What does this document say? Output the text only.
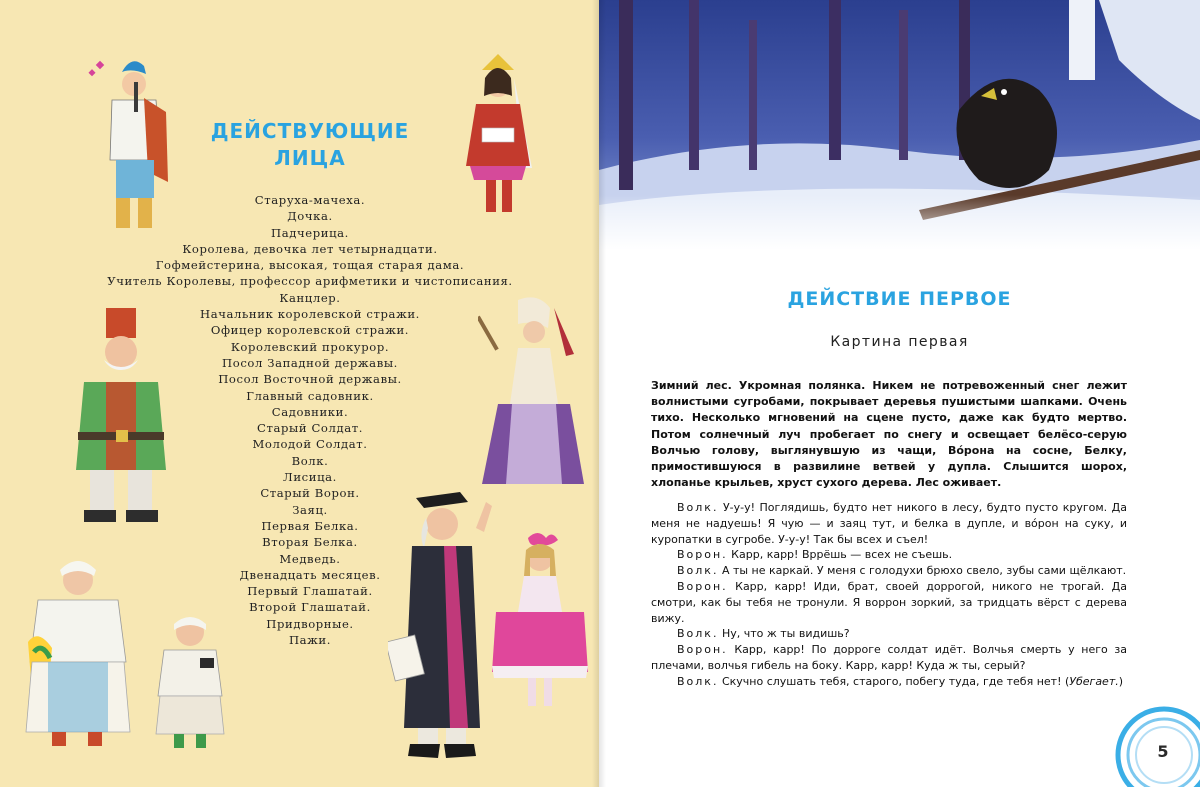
ДЕЙСТВУЮЩИЕ ЛИЦА
Старуха-мачеха.
Дочка.
Падчерица.
Королева, девочка лет четырнадцати.
Гофмейстерина, высокая, тощая старая дама.
Учитель Королевы, профессор арифметики и чистописания.
Канцлер.
Начальник королевской стражи.
Офицер королевской стражи.
Королевский прокурор.
Посол Западной державы.
Посол Восточной державы.
Главный садовник.
Садовники.
Старый Солдат.
Молодой Солдат.
Волк.
Лисица.
Старый Ворон.
Заяц.
Первая Белка.
Вторая Белка.
Медведь.
Двенадцать месяцев.
Первый Глашатай.
Второй Глашатай.
Придворные.
Пажи.
ДЕЙСТВИЕ ПЕРВОЕ
Картина первая

Зимний лес. Укромная полянка. Никем не потревоженный снег лежит волнистыми сугробами, покрывает деревья пушистыми шапками. Очень тихо. Несколько мгновений на сцене пусто, даже как будто мертво. Потом солнечный луч пробегает по снегу и освещает белёсо-серую Волчью голову, выглянувшую из чащи, Вóрона на сосне, Белку, примостившуюся в развилине ветвей у дупла. Слышится шорох, хлопанье крыльев, хруст сухого дерева. Лес оживает.

Волк. У-у-у! Поглядишь, будто нет никого в лесу, будто пусто кругом. Да меня не надуешь! Я чую — и заяц тут, и белка в дупле, и вóрон на суку, и куропатки в сугробе. У-у-у! Так бы всех и съел!

Ворон. Карр, карр! Вррёшь — всех не съешь.

Волк. А ты не каркай. У меня с голодухи брюхо свело, зубы сами щёлкают.

Ворон. Карр, карр! Иди, брат, своей доррогой, никого не трогай. Да смотри, как бы тебя не тронули. Я воррон зоркий, за тридцать вёрст с дерева вижу.

Волк. Ну, что ж ты видишь?

Ворон. Карр, карр! По дорроге солдат идёт. Волчья смерть у него за плечами, волчья гибель на боку. Карр, карр! Куда ж ты, серый?

Волк. Скучно слушать тебя, старого, побегу туда, где тебя нет! (Убегает.)

5
